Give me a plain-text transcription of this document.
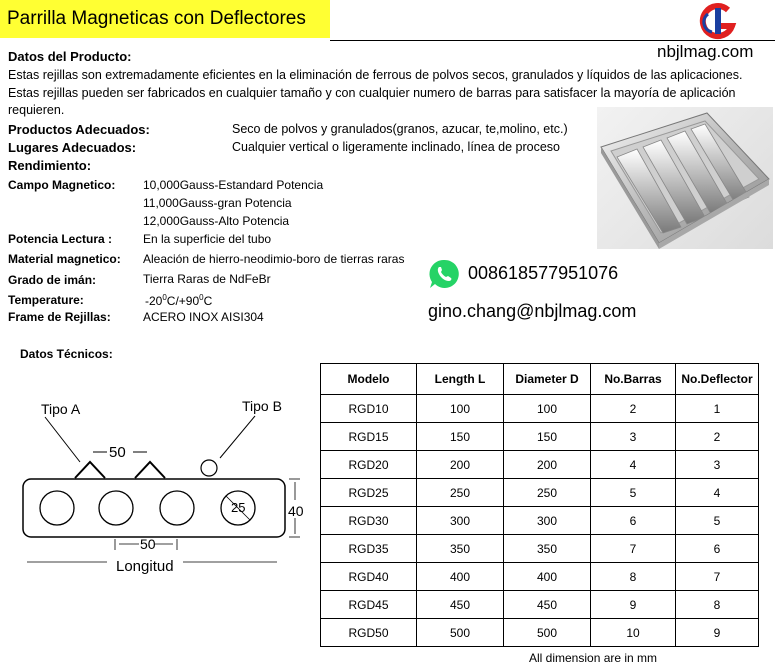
Parrilla Magneticas con Deflectores
nbjlmag.com
Datos del Producto:
Estas rejillas son extremadamente eficientes en la eliminación de ferrous de polvos secos, granulados y líquidos de las aplicaciones.
Estas rejillas pueden ser fabricados en cualquier tamaño y con cualquier numero de barras para satisfacer la mayoría de aplicación
requieren.
Productos Adecuados:	Seco de polvos y granulados(granos, azucar, te,molino, etc.)
Lugares Adecuados:	Cualquier vertical o ligeramente inclinado, línea de proceso
Rendimiento:
Campo Magnetico: 10,000Gauss-Estandard Potencia
11,000Gauss-gran Potencia
12,000Gauss-Alto Potencia
Potencia Lectura :	En la superficie del tubo
Material magnetico: Aleación de hierro-neodimio-boro de tierras raras
Grado de imán:	Tierra Raras de NdFeBr
Temperature:	$-20^0C/+90^0C$
Frame de Rejillas:	ACERO INOX AISI304
008618577951076
gino.chang@nbjlmag.com
Datos Técnicos:
Tipo A	Tipo B
50
25	40
50
Longitud
Modelo	Length L	Diameter D	No.Barras	No.Deflector
RGD10	100	100	2	1
RGD15	150	150	3	2
RGD20	200	200	4	3
RGD25	250	250	5	4
RGD30	300	300	6	5
RGD35	350	350	7	6
RGD40	400	400	8	7
RGD45	450	450	9	8
RGD50	500	500	10	9
All dimension are in mm
